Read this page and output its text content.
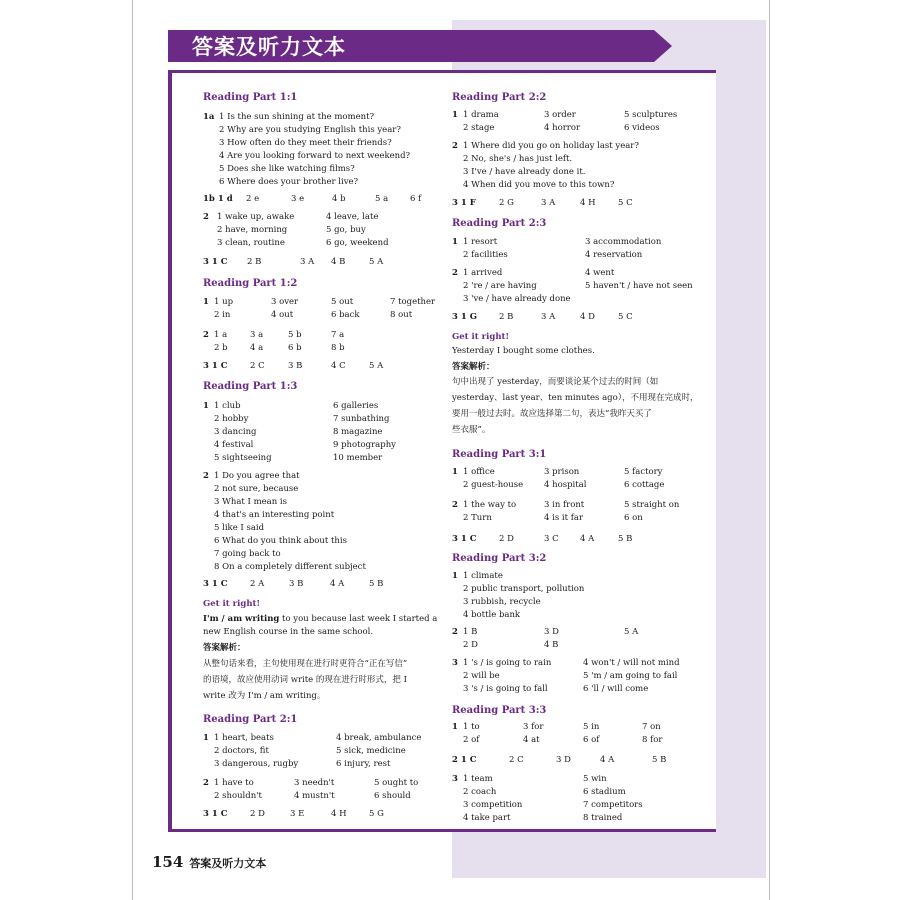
答案及听力文本
Reading Part 1:1
1a 1 Is the sun shining at the moment?
2 Why are you studying English this year?
3 How often do they meet their friends?
4 Are you looking forward to next weekend?
5 Does she like watching films?
6 Where does your brother live?
1b 1 d 2 e	3 e	4 b	5 a	6 f
2 1 wake up, awake	4 leave, late
2 have, morning	5 go, buy
3 clean, routine	6 go, weekend
3 1 C 2 B	3 A 4 B	5 A
Reading Part 1:2
1 1 up	3 over	5 out	7 together
2 in	4 out	6 back	8 out
2 1 a	3 a	5 b	7 a
2 b	4 a	6 b	8 b
3 1 C	2 C	3 B	4 C	5 A
Reading Part 1:3
1 1 club	6 galleries
2 hobby	7 sunbathing
3 dancing	8 magazine
4 festival	9 photography
5 sightseeing	10 member
2 1 Do you agree that
2 not sure, because
3 What I mean is
4 that's an interesting point
5 like I said
6 What do you think about this
7 going back to
8 On a completely different subject
3 1 C	2 A	3 B	4 A	5 B
Get it right!
I'm / am writing to you because last week I started a
new English course in the same school.
答案解析：
从整句话来看，主句使用现在进行时更符合“正在写信”
的语境，故应使用动词 write 的现在进行时形式，把 I
write 改为 I'm / am writing。
Reading Part 2:1
1 1 heart, beats	4 break, ambulance
2 doctors, fit	5 sick, medicine
3 dangerous, rugby	6 injury, rest
2 1 have to	3 needn't	5 ought to
2 shouldn't	4 mustn't	6 should
3 1 C	2 D	3 E	4 H	5 G
Reading Part 2:2
1 1 drama	3 order	5 sculptures
2 stage	4 horror	6 videos
2 1 Where did you go on holiday last year?
2 No, she's / has just left.
3 I've / have already done it.
4 When did you move to this town?
3 1 F	2 G	3 A	4 H	5 C
Reading Part 2:3
1 1 resort	3 accommodation
2 facilities	4 reservation
2 1 arrived	4 went
2 're / are having	5 haven't / have not seen
3 've / have already done
3 1 G	2 B	3 A	4 D	5 C
Get it right!
Yesterday I bought some clothes.
答案解析：
句中出现了 yesterday，而要谈论某个过去的时间（如
yesterday、last year、ten minutes ago），不用现在完成时，
要用一般过去时。故应选择第二句，表达“我昨天买了
些衣服”。
Reading Part 3:1
1 1 office	3 prison	5 factory
2 guest-house 4 hospital	6 cottage
2 1 the way to	3 in front	5 straight on
2 Turn	4 is it far	6 on
3 1 C	2 D	3 C	4 A	5 B
Reading Part 3:2
1 1 climate
2 public transport, pollution
3 rubbish, recycle
4 bottle bank
2 1 B	3 D	5 A
2 D	4 B
3 1 's / is going to rain	4 won't / will not mind
2 will be	5 'm / am going to fail
3 's / is going to fall	6 'll / will come
Reading Part 3:3
1 1 to	3 for	5 in	7 on
2 of	4 at	6 of	8 for
2 1 C	2 C	3 D	4 A	5 B
3 1 team	5 win
2 coach	6 stadium
3 competition	7 competitors
4 take part	8 trained
154 答案及听力文本
